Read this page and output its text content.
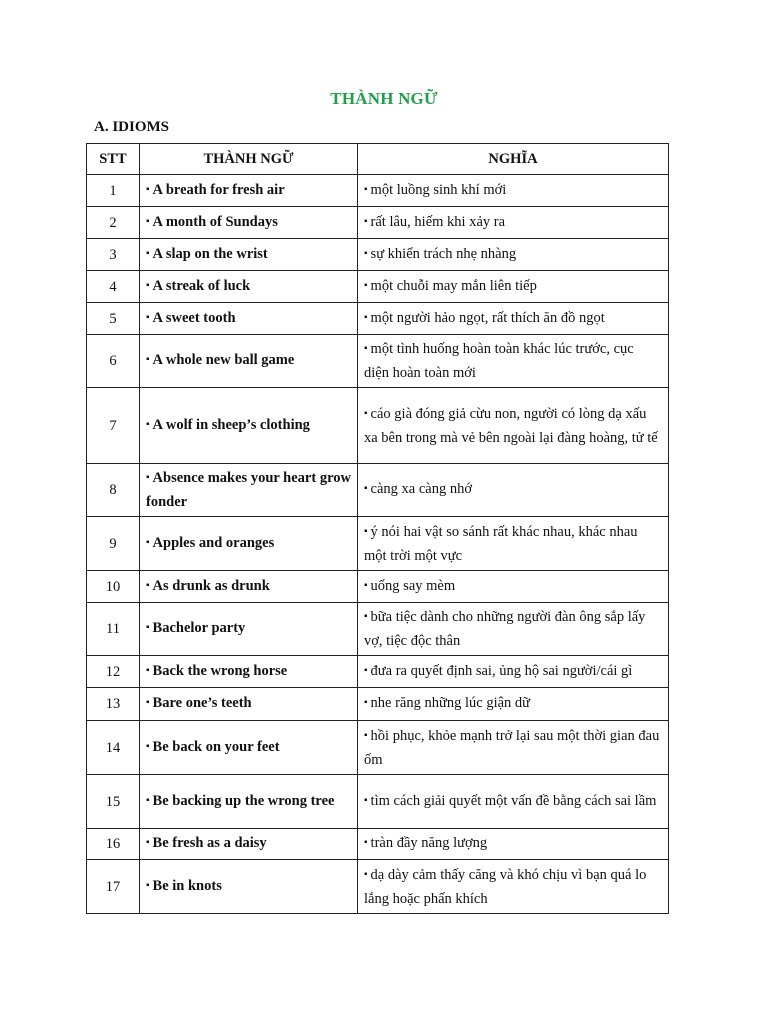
THÀNH NGỮ
A. IDIOMS
STT	THÀNH NGỮ	NGHĨA
1	▪ A breath for fresh air	▪ một luồng sinh khí mới
2	▪ A month of Sundays	▪ rất lâu, hiếm khi xảy ra
3	▪ A slap on the wrist	▪ sự khiển trách nhẹ nhàng
4	▪ A streak of luck	▪ một chuỗi may mắn liên tiếp
5	▪ A sweet tooth	▪ một người hảo ngọt, rất thích ăn đồ ngọt
6	▪ A whole new ball game	▪ một tình huống hoàn toàn khác lúc trước, cục diện hoàn toàn mới
7	▪ A wolf in sheep’s clothing	▪ cáo già đóng giả cừu non, người có lòng dạ xấu xa bên trong mà vẻ bên ngoài lại đàng hoàng, tử tế
8	▪ Absence makes your heart grow fonder	▪ càng xa càng nhớ
9	▪ Apples and oranges	▪ ý nói hai vật so sánh rất khác nhau, khác nhau một trời một vực
10	▪ As drunk as drunk	▪ uống say mèm
11	▪ Bachelor party	▪ bữa tiệc dành cho những người đàn ông sắp lấy vợ, tiệc độc thân
12	▪ Back the wrong horse	▪ đưa ra quyết định sai, ủng hộ sai người/cái gì
13	▪ Bare one’s teeth	▪ nhe răng những lúc giận dữ
14	▪ Be back on your feet	▪ hồi phục, khỏe mạnh trở lại sau một thời gian đau ốm
15	▪ Be backing up the wrong tree	▪ tìm cách giải quyết một vấn đề bằng cách sai lầm
16	▪ Be fresh as a daisy	▪ tràn đầy năng lượng
17	▪ Be in knots	▪ dạ dày cảm thấy căng và khó chịu vì bạn quá lo lắng hoặc phấn khích
